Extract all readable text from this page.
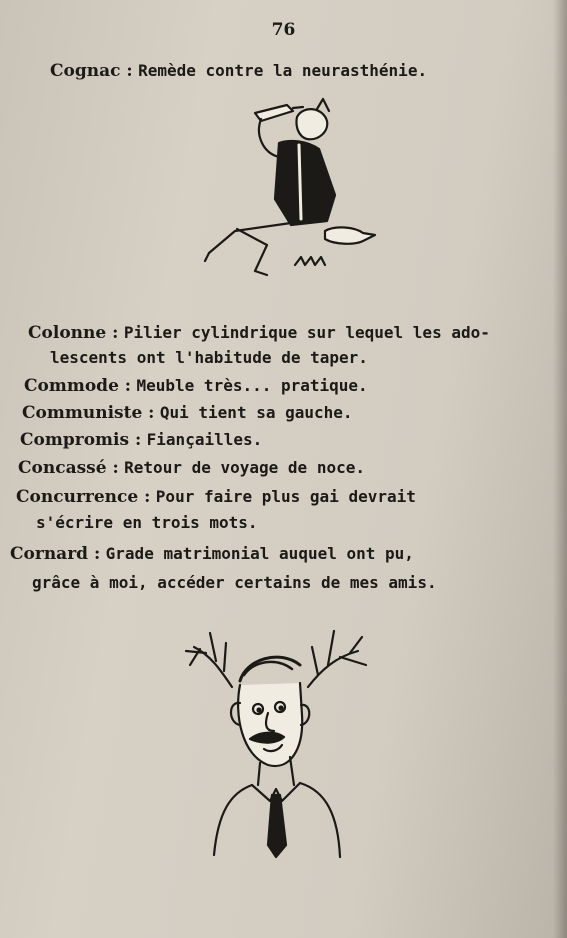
76
Cognac : Remède contre la neurasthénie.
Colonne : Pilier cylindrique sur lequel les ado-
lescents ont l'habitude de taper.
Commode : Meuble très... pratique.
Communiste : Qui tient sa gauche.
Compromis : Fiançailles.
Concassé : Retour de voyage de noce.
Concurrence : Pour faire plus gai devrait
s'écrire en trois mots.
Cornard : Grade matrimonial auquel ont pu,
grâce à moi, accéder certains de mes amis.
